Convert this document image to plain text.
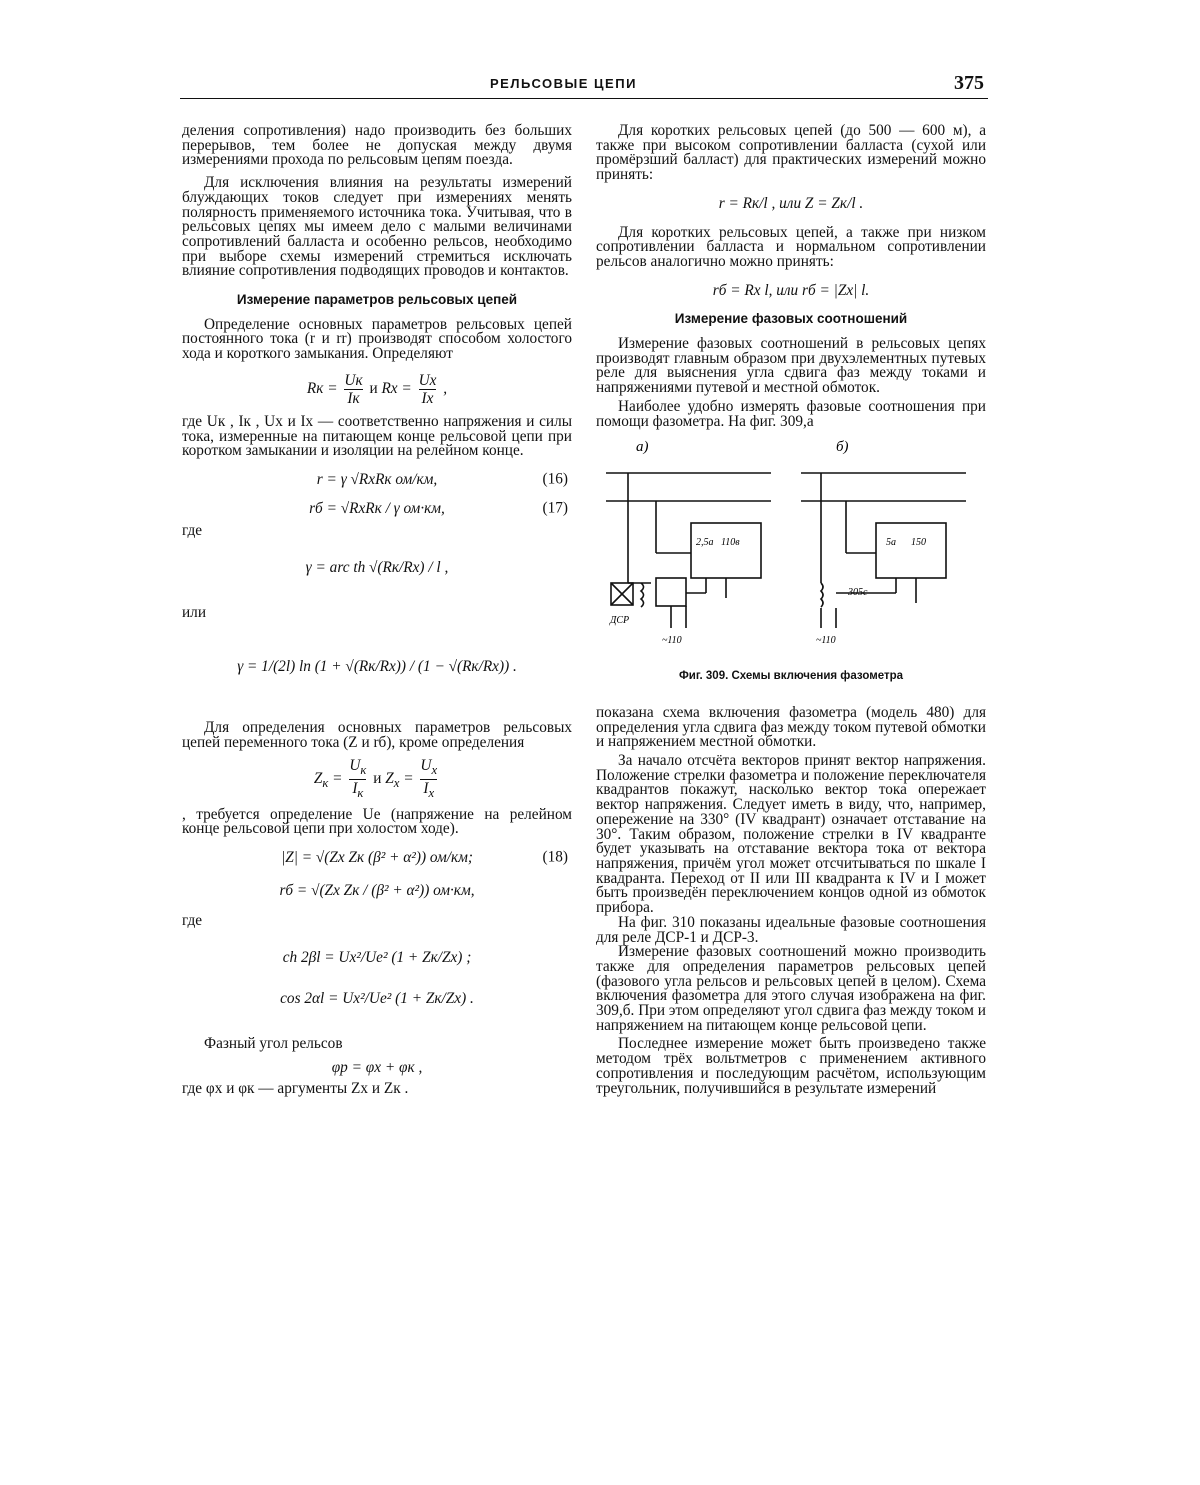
РЕЛЬСОВЫЕ ЦЕПИ	375

деления сопротивления) надо производить без больших перерывов, тем более не допуская между двумя измерениями прохода по рельсовым цепям поезда.

Для исключения влияния на результаты измерений блуждающих токов следует при измерениях менять полярность применяемого источника тока. Учитывая, что в рельсовых цепях мы имеем дело с малыми величинами сопротивлений балласта и особенно рельсов, необходимо при выборе схемы измерений стремиться исключать влияние сопротивления подводящих проводов и контактов.

Измерение параметров рельсовых цепей

Определение основных параметров рельсовых цепей постоянного тока (r и rr) производят способом холостого хода и короткого замыкания. Определяют

Rк = $\frac{Uк}{Iк}$ и Rх = $\frac{Uх}{Iх}$ ,

где Uк , Iк , Uх и Iх — соответственно напряжения и силы тока, измеренные на питающем конце рельсовой цепи при коротком замыкании и изоляции на релейном конце.

r = γ √RхRк ом/км,	(16)
rб = √RхRк / γ ом·км,	(17)

где

γ = arc th √(Rк/Rх) / l ,

или

γ = 1/(2l) ln (1 + √(Rк/Rх)) / (1 − √(Rк/Rх)) .

Для определения основных параметров рельсовых цепей переменного тока (Z и rб), кроме определения

$Z_к = \frac{U_к}{I_к}$ и $Z_х = \frac{U_х}{I_х}$

, требуется определение Ue (напряжение на релейном конце рельсовой цепи при холостом ходе).

|Z| = √(Zх Zк (β² + α²)) ом/км;	(18)
rб = √(Zх Zк / (β² + α²)) ом·км,

где

ch 2βl = Uх²/Ue² (1 + Zк/Zх) ;
cos 2αl = Uх²/Ue² (1 + Zк/Zх) .

Фазный угол рельсов

φр = φх + φк ,

где φх и φк — аргументы Zх и Zк .

Для коротких рельсовых цепей (до 500 — 600 м), а также при высоком сопротивлении балласта (сухой или промёрзший балласт) для практических измерений можно принять:

r = Rк/l , или Z = Zк/l .

Для коротких рельсовых цепей, а также при низком сопротивлении балласта и нормальном сопротивлении рельсов аналогично можно принять:

rб = Rх l, или rб = |Zх| l.
Измерение фазовых соотношений

Измерение фазовых соотношений в рельсовых цепях производят главным образом при двухэлементных путевых реле для выяснения угла сдвига фаз между токами и напряжениями путевой и местной обмоток.

Наиболее удобно измерять фазовые соотношения при помощи фазометра. На фиг. 309,а

а)	б)
2,5а 110в
ДСР
~110
5а 150
305с
~110
Фиг. 309. Схемы включения фазометра

показана схема включения фазометра (модель 480) для определения угла сдвига фаз между током путевой обмотки и напряжением местной обмотки.

За начало отсчёта векторов принят вектор напряжения. Положение стрелки фазометра и положение переключателя квадрантов покажут, насколько вектор тока опережает вектор напряжения. Следует иметь в виду, что, например, опережение на 330° (IV квадрант) означает отставание на 30°. Таким образом, положение стрелки в IV квадранте будет указывать на отставание вектора тока от вектора напряжения, причём угол может отсчитываться по шкале I квадранта. Переход от II или III квадранта к IV и I может быть произведён переключением концов одной из обмоток прибора.

На фиг. 310 показаны идеальные фазовые соотношения для реле ДСР-1 и ДСР-3.

Измерение фазовых соотношений можно производить также для определения параметров рельсовых цепей (фазового угла рельсов и рельсовых цепей в целом). Схема включения фазометра для этого случая изображена на фиг. 309,б. При этом определяют угол сдвига фаз между током и напряжением на питающем конце рельсовой цепи.

Последнее измерение может быть произведено также методом трёх вольтметров с применением активного сопротивления и последующим расчётом, использующим треугольник, получившийся в результате измерений
